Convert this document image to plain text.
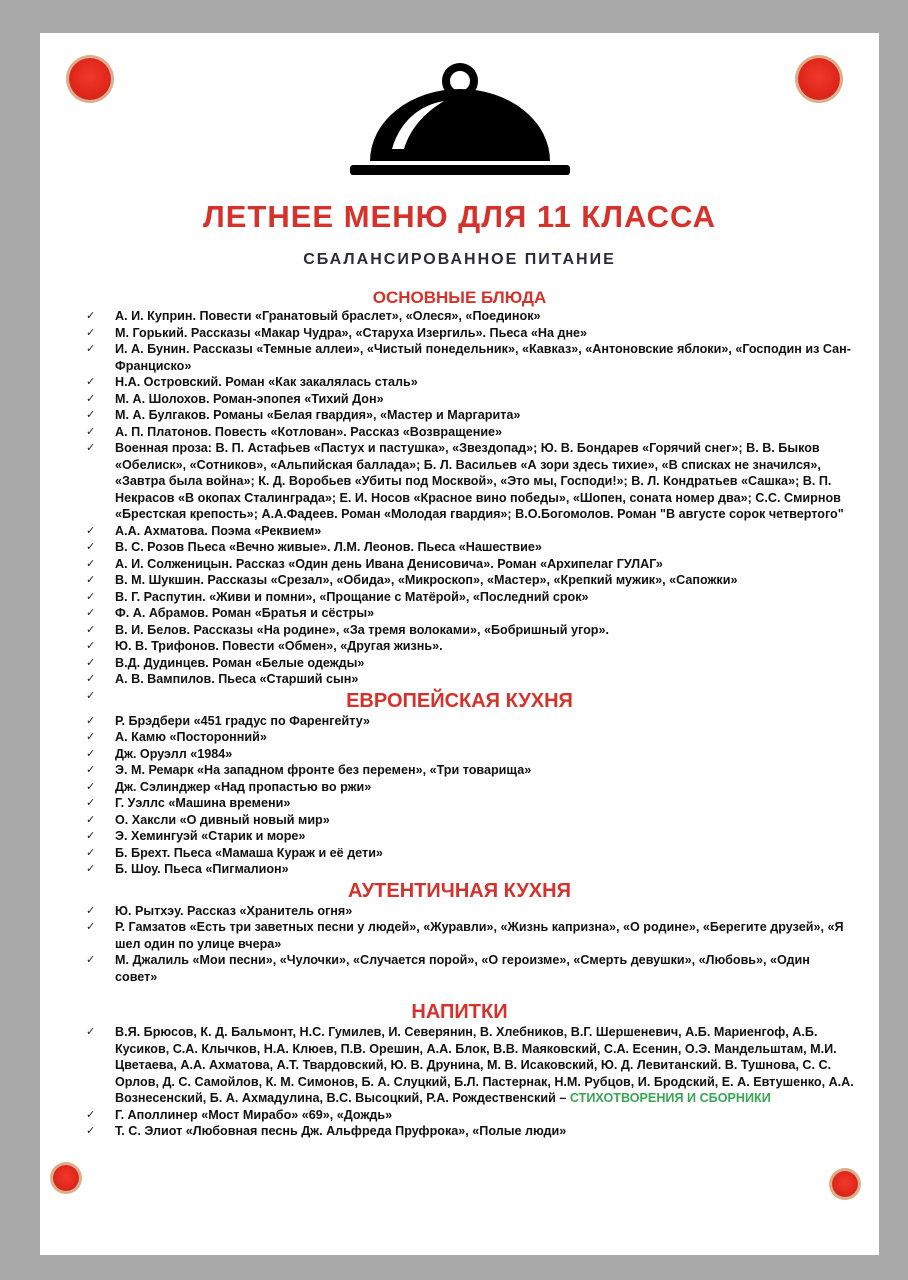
ЛЕТНЕЕ МЕНЮ ДЛЯ 11 КЛАССА
СБАЛАНСИРОВАННОЕ ПИТАНИЕ
ОСНОВНЫЕ БЛЮДА
✓ А. И. Куприн. Повести «Гранатовый браслет», «Олеся», «Поединок»
✓ М. Горький. Рассказы «Макар Чудра», «Старуха Изергиль». Пьеса «На дне»
✓ И. А. Бунин. Рассказы «Темные аллеи», «Чистый понедельник», «Кавказ», «Антоновские яблоки», «Господин из Сан-Франциско»
✓ Н.А. Островский. Роман «Как закалялась сталь»
✓ М. А. Шолохов. Роман-эпопея «Тихий Дон»
✓ М. А. Булгаков. Романы «Белая гвардия», «Мастер и Маргарита»
✓ А. П. Платонов. Повесть «Котлован». Рассказ «Возвращение»
✓ Военная проза: В. П. Астафьев «Пастух и пастушка», «Звездопад»; Ю. В. Бондарев «Горячий снег»; В. В. Быков «Обелиск», «Сотников», «Альпийская баллада»; Б. Л. Васильев «А зори здесь тихие», «В списках не значился», «Завтра была война»; К. Д. Воробьев «Убиты под Москвой», «Это мы, Господи!»; В. Л. Кондратьев «Сашка»; В. П. Некрасов «В окопах Сталинграда»; Е. И. Носов «Красное вино победы», «Шопен, соната номер два»; С.С. Смирнов «Брестская крепость»; А.А.Фадеев. Роман «Молодая гвардия»; В.О.Богомолов. Роман "В августе сорок четвертого"
✓ А.А. Ахматова. Поэма «Реквием»
✓ В. С. Розов Пьеса «Вечно живые». Л.М. Леонов. Пьеса «Нашествие»
✓ А. И. Солженицын. Рассказ «Один день Ивана Денисовича». Роман «Архипелаг ГУЛАГ»
✓ В. М. Шукшин. Рассказы «Срезал», «Обида», «Микроскоп», «Мастер», «Крепкий мужик», «Сапожки»
✓ В. Г. Распутин. «Живи и помни», «Прощание с Матёрой», «Последний срок»
✓ Ф. А. Абрамов. Роман «Братья и сёстры»
✓ В. И. Белов. Рассказы «На родине», «За тремя волоками», «Бобришный угор».
✓ Ю. В. Трифонов. Повести «Обмен», «Другая жизнь».
✓ В.Д. Дудинцев. Роман «Белые одежды»
✓ А. В. Вампилов. Пьеса «Старший сын»
✓	ЕВРОПЕЙСКАЯ КУХНЯ
✓ Р. Брэдбери «451 градус по Фаренгейту»
✓ А. Камю «Посторонний»
✓ Дж. Оруэлл «1984»
✓ Э. М. Ремарк «На западном фронте без перемен», «Три товарища»
✓ Дж. Сэлинджер «Над пропастью во ржи»
✓ Г. Уэллс «Машина времени»
✓ О. Хаксли «О дивный новый мир»
✓ Э. Хемингуэй «Старик и море»
✓ Б. Брехт. Пьеса «Мамаша Кураж и её дети»
✓ Б. Шоу. Пьеса «Пигмалион»
АУТЕНТИЧНАЯ КУХНЯ
✓ Ю. Рытхэу. Рассказ «Хранитель огня»
✓ Р. Гамзатов «Есть три заветных песни у людей», «Журавли», «Жизнь капризна», «О родине», «Берегите друзей», «Я шел один по улице вчера»
✓ М. Джалиль «Мои песни», «Чулочки», «Случается порой», «О героизме», «Смерть девушки», «Любовь», «Один совет»
НАПИТКИ
✓ В.Я. Брюсов, К. Д. Бальмонт, Н.С. Гумилев, И. Северянин, В. Хлебников, В.Г. Шершеневич, А.Б. Мариенгоф, А.Б. Кусиков, С.А. Клычков, Н.А. Клюев, П.В. Орешин, А.А. Блок, В.В. Маяковский, С.А. Есенин, О.Э. Мандельштам, М.И. Цветаева, А.А. Ахматова, А.Т. Твардовский, Ю. В. Друнина, М. В. Исаковский, Ю. Д. Левитанский. В. Тушнова, С. С. Орлов, Д. С. Самойлов, К. М. Симонов, Б. А. Слуцкий, Б.Л. Пастернак, Н.М. Рубцов, И. Бродский, Е. А. Евтушенко, А.А. Вознесенский, Б. А. Ахмадулина, В.С. Высоцкий, Р.А. Рождественский – СТИХОТВОРЕНИЯ И СБОРНИКИ
✓ Г. Аполлинер «Мост Мирабо» «69», «Дождь»
✓ Т. С. Элиот «Любовная песнь Дж. Альфреда Пруфрока», «Полые люди»
